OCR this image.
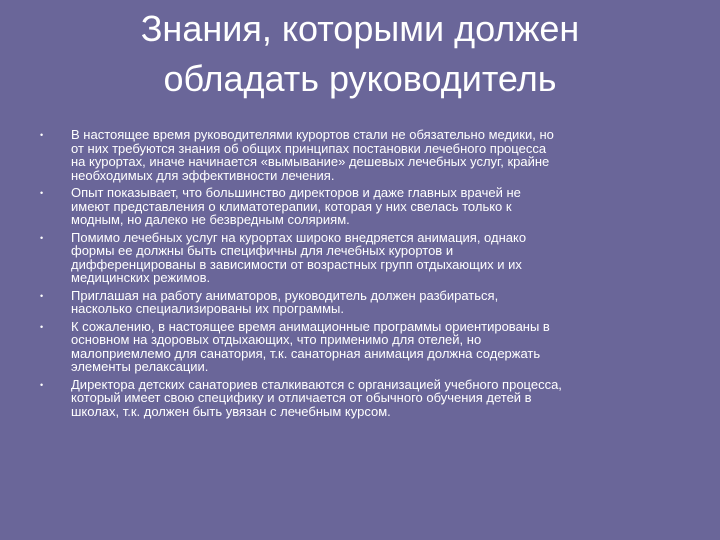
Знания, которыми должен
обладать руководитель
• В настоящее время руководителями курортов стали не обязательно медики, но
от них требуются знания об общих принципах постановки лечебного процесса
на курортах, иначе начинается «вымывание» дешевых лечебных услуг, крайне
необходимых для эффективности лечения.
• Опыт показывает, что большинство директоров и даже главных врачей не
имеют представления о климатотерапии, которая у них свелась только к
модным, но далеко не безвредным соляриям.
• Помимо лечебных услуг на курортах широко внедряется анимация, однако
формы ее должны быть специфичны для лечебных курортов и
дифференцированы в зависимости от возрастных групп отдыхающих и их
медицинских режимов.
• Приглашая на работу аниматоров, руководитель должен разбираться,
насколько специализированы их программы.
• К сожалению, в настоящее время анимационные программы ориентированы в
основном на здоровых отдыхающих, что применимо для отелей, но
малоприемлемо для санатория, т.к. санаторная анимация должна содержать
элементы релаксации.
• Директора детских санаториев сталкиваются с организацией учебного процесса,
который имеет свою специфику и отличается от обычного обучения детей в
школах, т.к. должен быть увязан с лечебным курсом.
